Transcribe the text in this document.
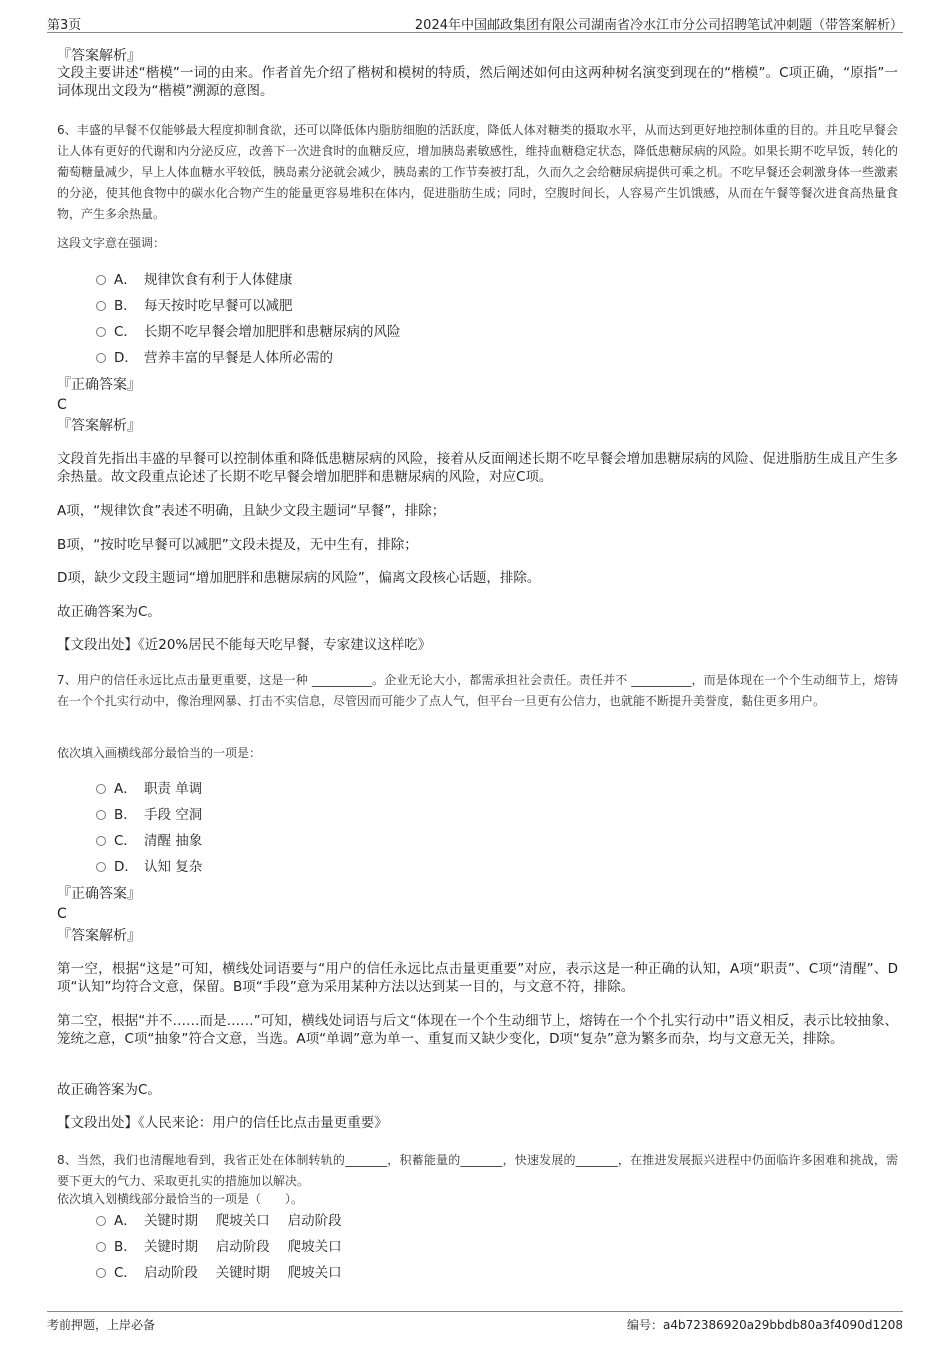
第3页	2024年中国邮政集团有限公司湖南省冷水江市分公司招聘笔试冲刺题（带答案解析）
『答案解析』
文段主要讲述“楷模”一词的由来。作者首先介绍了楷树和模树的特质，然后阐述如何由这两种树名演变到现在的“楷模”。C项正确，“原指”一词体现出文段为“楷模”溯源的意图。
6、丰盛的早餐不仅能够最大程度抑制食欲，还可以降低体内脂肪细胞的活跃度，降低人体对糖类的摄取水平，从而达到更好地控制体重的目的。并且吃早餐会让人体有更好的代谢和内分泌反应，改善下一次进食时的血糖反应，增加胰岛素敏感性，维持血糖稳定状态，降低患糖尿病的风险。如果长期不吃早饭，转化的葡萄糖量减少，早上人体血糖水平较低，胰岛素分泌就会减少，胰岛素的工作节奏被打乱，久而久之会给糖尿病提供可乘之机。不吃早餐还会刺激身体一些激素的分泌，使其他食物中的碳水化合物产生的能量更容易堆积在体内，促进脂肪生成；同时，空腹时间长，人容易产生饥饿感，从而在午餐等餐次进食高热量食物，产生多余热量。
这段文字意在强调：
A． 规律饮食有利于人体健康
B． 每天按时吃早餐可以减肥
C． 长期不吃早餐会增加肥胖和患糖尿病的风险
D． 营养丰富的早餐是人体所必需的
『正确答案』
C
『答案解析』
文段首先指出丰盛的早餐可以控制体重和降低患糖尿病的风险，接着从反面阐述长期不吃早餐会增加患糖尿病的风险、促进脂肪生成且产生多余热量。故文段重点论述了长期不吃早餐会增加肥胖和患糖尿病的风险，对应C项。
A项，“规律饮食”表述不明确，且缺少文段主题词“早餐”，排除；
B项，“按时吃早餐可以减肥”文段未提及，无中生有，排除；
D项，缺少文段主题词“增加肥胖和患糖尿病的风险”，偏离文段核心话题，排除。
故正确答案为C。
【文段出处】《近20%居民不能每天吃早餐，专家建议这样吃》
7、用户的信任永远比点击量更重要，这是一种 __________。企业无论大小，都需承担社会责任。责任并不 __________，而是体现在一个个生动细节上，熔铸在一个个扎实行动中，像治理网暴、打击不实信息，尽管因而可能少了点人气，但平台一旦更有公信力，也就能不断提升美誉度，黏住更多用户。
依次填入画横线部分最恰当的一项是：
A． 职责 单调
B． 手段 空洞
C． 清醒 抽象
D． 认知 复杂
『正确答案』
C
『答案解析』
第一空，根据“这是”可知，横线处词语要与“用户的信任永远比点击量更重要”对应，表示这是一种正确的认知，A项“职责”、C项“清醒”、D项“认知”均符合文意，保留。B项“手段”意为采用某种方法以达到某一目的，与文意不符，排除。
第二空，根据“并不……而是……”可知，横线处词语与后文“体现在一个个生动细节上，熔铸在一个个扎实行动中”语义相反，表示比较抽象、笼统之意，C项“抽象”符合文意，当选。A项“单调”意为单一、重复而又缺少变化，D项“复杂”意为繁多而杂，均与文意无关，排除。
故正确答案为C。
【文段出处】《人民来论：用户的信任比点击量更重要》
8、当然，我们也清醒地看到，我省正处在体制转轨的_______，积蓄能量的_______，快速发展的_______，在推进发展振兴进程中仍面临许多困难和挑战，需要下更大的气力、采取更扎实的措施加以解决。
依次填入划横线部分最恰当的一项是（　　）。
A． 关键时期　 爬坡关口　 启动阶段
B． 关键时期　 启动阶段　 爬坡关口
C． 启动阶段　 关键时期　 爬坡关口
考前押题，上岸必备	编号：a4b72386920a29bbdb80a3f4090d1208
